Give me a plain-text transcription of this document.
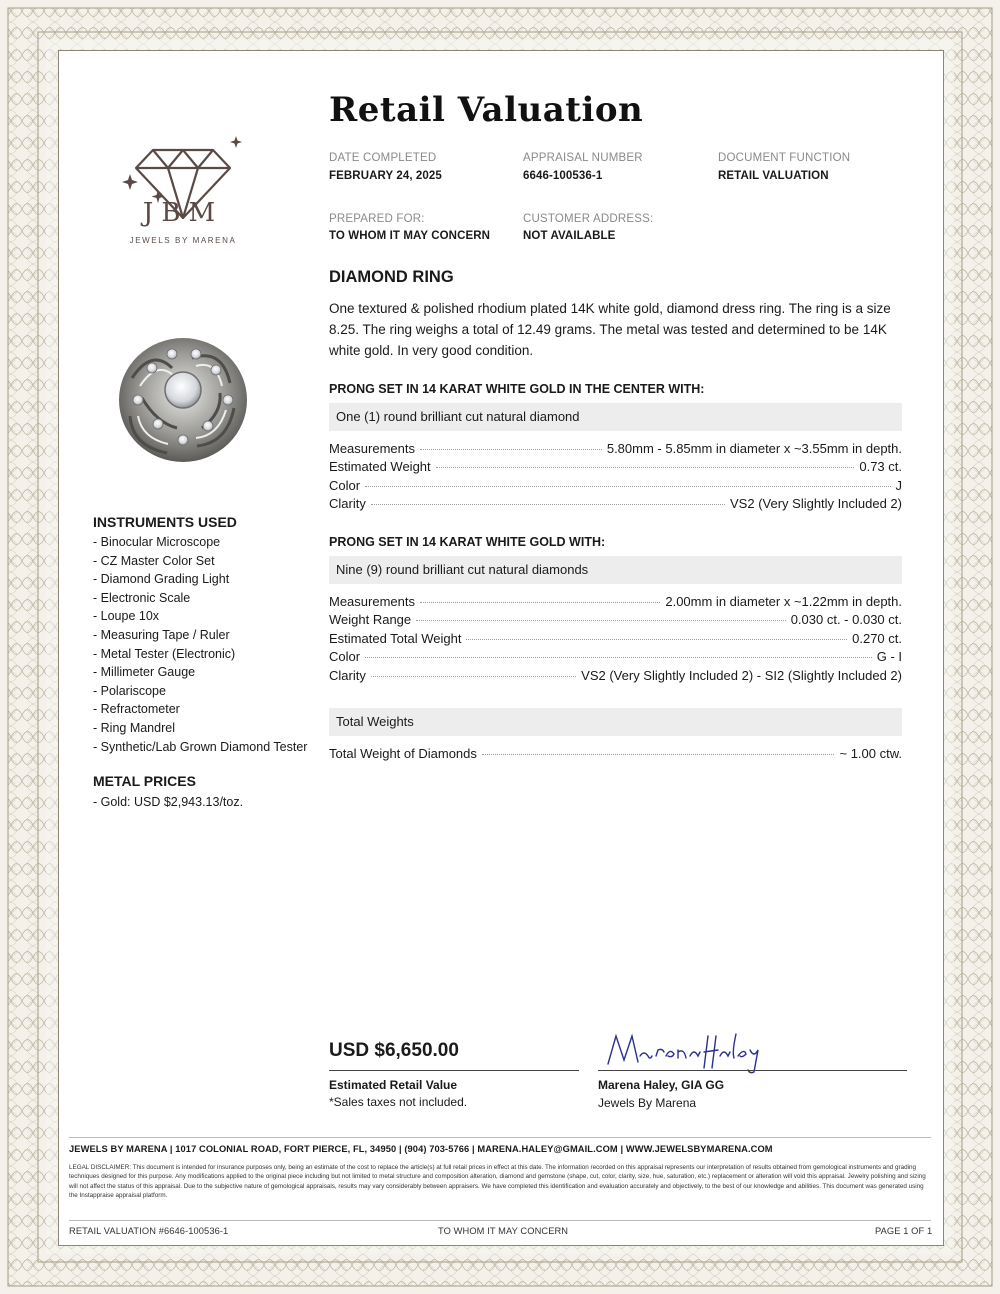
Retail Valuation
JBM
JEWELS BY MARENA
DATE COMPLETED
FEBRUARY 24, 2025
APPRAISAL NUMBER
6646-100536-1
DOCUMENT FUNCTION
RETAIL VALUATION
PREPARED FOR:
TO WHOM IT MAY CONCERN
CUSTOMER ADDRESS:
NOT AVAILABLE
INSTRUMENTS USED
- Binocular Microscope
- CZ Master Color Set
- Diamond Grading Light
- Electronic Scale
- Loupe 10x
- Measuring Tape / Ruler
- Metal Tester (Electronic)
- Millimeter Gauge
- Polariscope
- Refractometer
- Ring Mandrel
- Synthetic/Lab Grown Diamond Tester
METAL PRICES
- Gold: USD $2,943.13/toz.
DIAMOND RING
One textured & polished rhodium plated 14K white gold, diamond dress ring. The ring is a size 8.25. The ring weighs a total of 12.49 grams. The metal was tested and determined to be 14K white gold. In very good condition.
PRONG SET IN 14 KARAT WHITE GOLD IN THE CENTER WITH:
One (1) round brilliant cut natural diamond
Measurements	5.80mm - 5.85mm in diameter x ~3.55mm in depth.
Estimated Weight	0.73 ct.
Color	J
Clarity	VS2 (Very Slightly Included 2)
PRONG SET IN 14 KARAT WHITE GOLD WITH:
Nine (9) round brilliant cut natural diamonds
Measurements	2.00mm in diameter x ~1.22mm in depth.
Weight Range	0.030 ct. - 0.030 ct.
Estimated Total Weight	0.270 ct.
Color	G - I
Clarity	VS2 (Very Slightly Included 2) - SI2 (Slightly Included 2)
Total Weights
Total Weight of Diamonds	~ 1.00 ctw.
USD $6,650.00
Estimated Retail Value
*Sales taxes not included.
Marena Haley, GIA GG
Jewels By Marena
JEWELS BY MARENA | 1017 COLONIAL ROAD, FORT PIERCE, FL, 34950 | (904) 703-5766 | MARENA.HALEY@GMAIL.COM | WWW.JEWELSBYMARENA.COM
LEGAL DISCLAIMER: This document is intended for insurance purposes only, being an estimate of the cost to replace the article(s) at full retail prices in effect at this date. The information recorded on this appraisal represents our interpretation of results obtained from gemological instruments and grading techniques designed for this purpose. Any modifications applied to the original piece including but not limited to metal structure and composition alteration, diamond and gemstone (shape, cut, color, clarity, size, hue, saturation, etc.) replacement or alteration will void this appraisal. Jewelry polishing and sizing will not affect the status of this appraisal. Due to the subjective nature of gemological appraisals, results may vary considerably between appraisers. We have completed this identification and evaluation accurately and objectively, to the best of our knowledge and abilities. This document was generated using the Instappraise appraisal platform.
RETAIL VALUATION #6646-100536-1	TO WHOM IT MAY CONCERN	PAGE 1 OF 1
